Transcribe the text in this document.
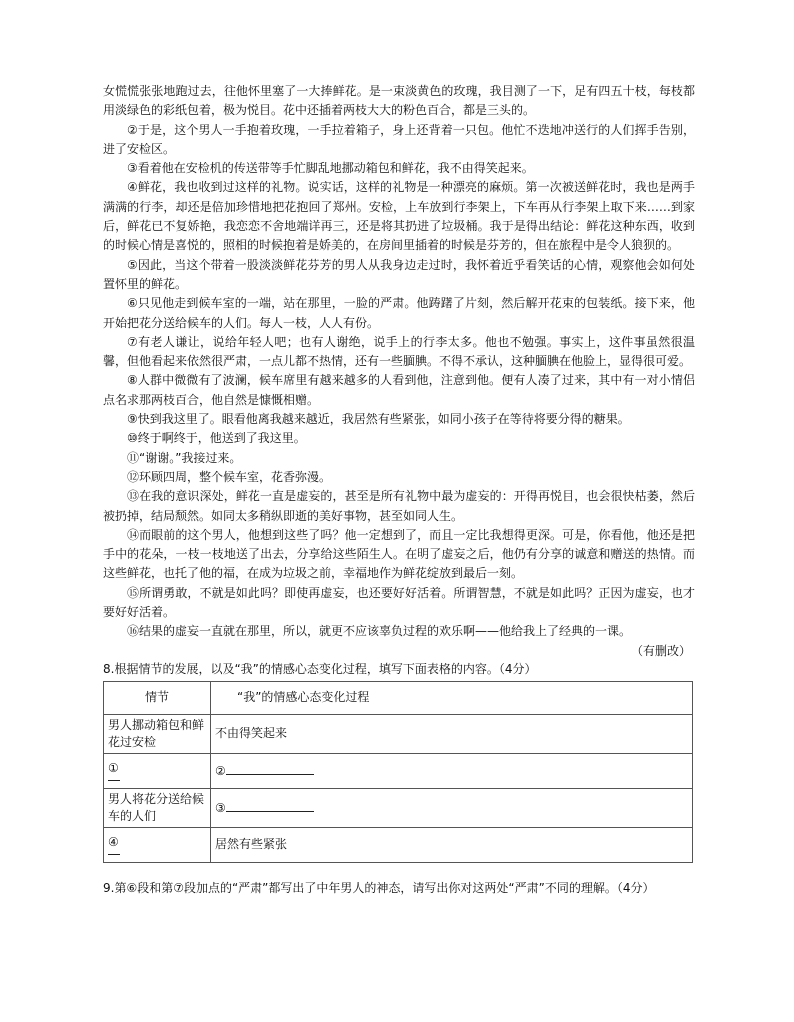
女慌慌张张地跑过去，往他怀里塞了一大捧鲜花。是一束淡黄色的玫瑰，我目测了一下，足有四五十枝，每枝都用淡绿色的彩纸包着，极为悦目。花中还插着两枝大大的粉色百合，都是三头的。

②于是，这个男人一手抱着玫瑰，一手拉着箱子，身上还背着一只包。他忙不迭地冲送行的人们挥手告别，进了安检区。

③看着他在安检机的传送带等手忙脚乱地挪动箱包和鲜花，我不由得笑起来。

④鲜花，我也收到过这样的礼物。说实话，这样的礼物是一种漂亮的麻烦。第一次被送鲜花时，我也是两手满满的行李，却还是倍加珍惜地把花抱回了郑州。安检，上车放到行李架上，下车再从行李架上取下来……到家后，鲜花已不复娇艳，我恋恋不舍地端详再三，还是将其扔进了垃圾桶。我于是得出结论：鲜花这种东西，收到的时候心情是喜悦的，照相的时候抱着是娇美的，在房间里插着的时候是芬芳的，但在旅程中是令人狼狈的。

⑤因此，当这个带着一股淡淡鲜花芬芳的男人从我身边走过时，我怀着近乎看笑话的心情，观察他会如何处置怀里的鲜花。

⑥只见他走到候车室的一端，站在那里，一脸的严肃。他踌躇了片刻，然后解开花束的包装纸。接下来，他开始把花分送给候车的人们。每人一枝，人人有份。

⑦有老人谦让，说给年轻人吧；也有人谢绝，说手上的行李太多。他也不勉强。事实上，这件事虽然很温馨，但他看起来依然很严肃，一点儿都不热情，还有一些腼腆。不得不承认，这种腼腆在他脸上，显得很可爱。

⑧人群中微微有了波澜，候车席里有越来越多的人看到他，注意到他。便有人凑了过来，其中有一对小情侣点名求那两枝百合，他自然是慷慨相赠。

⑨快到我这里了。眼看他离我越来越近，我居然有些紧张，如同小孩子在等待将要分得的糖果。

⑩终于啊终于，他送到了我这里。

⑪“谢谢。”我接过来。

⑫环顾四周，整个候车室，花香弥漫。

⑬在我的意识深处，鲜花一直是虚妄的，甚至是所有礼物中最为虚妄的：开得再悦目，也会很快枯萎，然后被扔掉，结局颓然。如同太多稍纵即逝的美好事物，甚至如同人生。

⑭而眼前的这个男人，他想到这些了吗？他一定想到了，而且一定比我想得更深。可是，你看他，他还是把手中的花朵，一枝一枝地送了出去，分享给这些陌生人。在明了虚妄之后，他仍有分享的诚意和赠送的热情。而这些鲜花，也托了他的福，在成为垃圾之前，幸福地作为鲜花绽放到最后一刻。

⑮所谓勇敢，不就是如此吗？即使再虚妄，也还要好好活着。所谓智慧，不就是如此吗？正因为虚妄，也才要好好活着。

⑯结果的虚妄一直就在那里，所以，就更不应该辜负过程的欢乐啊——他给我上了经典的一课。

（有删改）

8.根据情节的发展，以及“我”的情感心态变化过程，填写下面表格的内容。（4分）

情节	“我”的情感心态变化过程
男人挪动箱包和鲜花过安检	不由得笑起来
①	②
男人将花分送给候车的人们	③
④	居然有些紧张

9.第⑥段和第⑦段加点的“严肃”都写出了中年男人的神态，请写出你对这两处“严肃”不同的理解。（4分）
